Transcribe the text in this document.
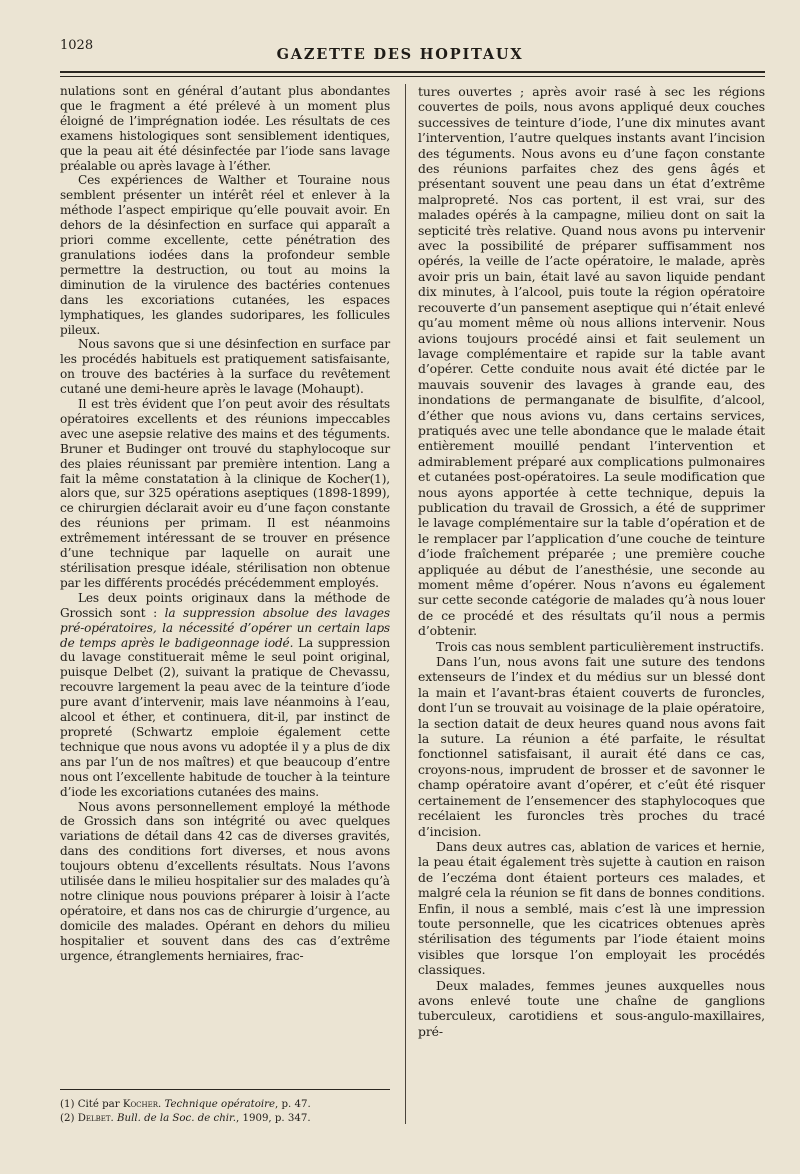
1028
GAZETTE DES HOPITAUX

nulations sont en général d’autant plus abondantes que le fragment a été prélevé à un moment plus éloigné de l’imprégnation iodée. Les résultats de ces examens histologiques sont sensiblement identiques, que la peau ait été désinfectée par l’iode sans lavage préalable ou après lavage à l’éther.

Ces expériences de Walther et Touraine nous semblent présenter un intérêt réel et enlever à la méthode l’aspect empirique qu’elle pouvait avoir. En dehors de la désinfection en surface qui apparaît a priori comme excellente, cette pénétration des granulations iodées dans la profondeur semble permettre la destruction, ou tout au moins la diminution de la virulence des bactéries contenues dans les excoriations cutanées, les espaces lymphatiques, les glandes sudoripares, les follicules pileux.

Nous savons que si une désinfection en surface par les procédés habituels est pratiquement satisfaisante, on trouve des bactéries à la surface du revêtement cutané une demi-heure après le lavage (Mohaupt).

Il est très évident que l’on peut avoir des résultats opératoires excellents et des réunions impeccables avec une asepsie relative des mains et des téguments. Bruner et Budinger ont trouvé du staphylocoque sur des plaies réunissant par première intention. Lang a fait la même constatation à la clinique de Kocher(1), alors que, sur 325 opérations aseptiques (1898-1899), ce chirurgien déclarait avoir eu d’une façon constante des réunions per primam. Il est néanmoins extrêmement intéressant de se trouver en présence d’une technique par laquelle on aurait une stérilisation presque idéale, stérilisation non obtenue par les différents procédés précédemment employés.

Les deux points originaux dans la méthode de Grossich sont : la suppression absolue des lavages pré-opératoires, la nécessité d’opérer un certain laps de temps après le badigeonnage iodé. La suppression du lavage constituerait même le seul point original, puisque Delbet (2), suivant la pratique de Chevassu, recouvre largement la peau avec de la teinture d’iode pure avant d’intervenir, mais lave néanmoins à l’eau, alcool et éther, et continuera, dit-il, par instinct de propreté (Schwartz emploie également cette technique que nous avons vu adoptée il y a plus de dix ans par l’un de nos maîtres) et que beaucoup d’entre nous ont l’excellente habitude de toucher à la teinture d’iode les excoriations cutanées des mains.

Nous avons personnellement employé la méthode de Grossich dans son intégrité ou avec quelques variations de détail dans 42 cas de diverses gravités, dans des conditions fort diverses, et nous avons toujours obtenu d’excellents résultats. Nous l’avons utilisée dans le milieu hospitalier sur des malades qu’à notre clinique nous pouvions préparer à loisir à l’acte opératoire, et dans nos cas de chirurgie d’urgence, au domicile des malades. Opérant en dehors du milieu hospitalier et souvent dans des cas d’extrême urgence, étranglements herniaires, frac-

(1) Cité par Kocher. Technique opératoire, p. 47.
(2) Delbet. Bull. de la Soc. de chir., 1909, p. 347.

tures ouvertes ; après avoir rasé à sec les régions couvertes de poils, nous avons appliqué deux couches successives de teinture d’iode, l’une dix minutes avant l’intervention, l’autre quelques instants avant l’incision des téguments. Nous avons eu d’une façon constante des réunions parfaites chez des gens âgés et présentant souvent une peau dans un état d’extrême malpropreté. Nos cas portent, il est vrai, sur des malades opérés à la campagne, milieu dont on sait la septicité très relative. Quand nous avons pu intervenir avec la possibilité de préparer suffisamment nos opérés, la veille de l’acte opératoire, le malade, après avoir pris un bain, était lavé au savon liquide pendant dix minutes, à l’alcool, puis toute la région opératoire recouverte d’un pansement aseptique qui n’était enlevé qu’au moment même où nous allions intervenir. Nous avions toujours procédé ainsi et fait seulement un lavage complémentaire et rapide sur la table avant d’opérer. Cette conduite nous avait été dictée par le mauvais souvenir des lavages à grande eau, des inondations de permanganate de bisulfite, d’alcool, d’éther que nous avions vu, dans certains services, pratiqués avec une telle abondance que le malade était entièrement mouillé pendant l’intervention et admirablement préparé aux complications pulmonaires et cutanées post-opératoires. La seule modification que nous ayons apportée à cette technique, depuis la publication du travail de Grossich, a été de supprimer le lavage complémentaire sur la table d’opération et de le remplacer par l’application d’une couche de teinture d’iode fraîchement préparée ; une première couche appliquée au début de l’anesthésie, une seconde au moment même d’opérer. Nous n’avons eu également sur cette seconde catégorie de malades qu’à nous louer de ce procédé et des résultats qu’il nous a permis d’obtenir.

Trois cas nous semblent particulièrement instructifs.

Dans l’un, nous avons fait une suture des tendons extenseurs de l’index et du médius sur un blessé dont la main et l’avant-bras étaient couverts de furoncles, dont l’un se trouvait au voisinage de la plaie opératoire, la section datait de deux heures quand nous avons fait la suture. La réunion a été parfaite, le résultat fonctionnel satisfaisant, il aurait été dans ce cas, croyons-nous, imprudent de brosser et de savonner le champ opératoire avant d’opérer, et c’eût été risquer certainement de l’ensemencer des staphylocoques que recélaient les furoncles très proches du tracé d’incision.

Dans deux autres cas, ablation de varices et hernie, la peau était également très sujette à caution en raison de l’eczéma dont étaient porteurs ces malades, et malgré cela la réunion se fit dans de bonnes conditions. Enfin, il nous a semblé, mais c’est là une impression toute personnelle, que les cicatrices obtenues après stérilisation des téguments par l’iode étaient moins visibles que lorsque l’on employait les procédés classiques.

Deux malades, femmes jeunes auxquelles nous avons enlevé toute une chaîne de ganglions tuberculeux, carotidiens et sous-angulo-maxillaires, pré-
